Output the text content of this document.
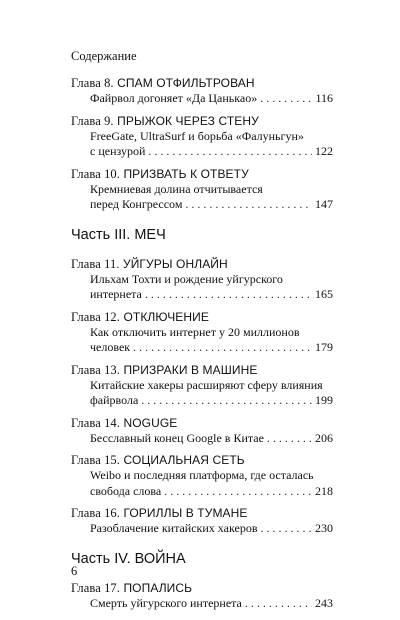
Содержание
Глава 8. СПАМ ОТФИЛЬТРОВАН
Файрвол догоняет «Да Цанькао» . . .	116
Глава 9. ПРЫЖОК ЧЕРЕЗ СТЕНУ
FreeGate, UltraSurf и борьба «Фалуньгун»
с цензурой . . .	122
Глава 10. ПРИЗВАТЬ К ОТВЕТУ
Кремниевая долина отчитывается
перед Конгрессом . . .	147
Часть III. МЕЧ
Глава 11. УЙГУРЫ ОНЛАЙН
Ильхам Тохти и рождение уйгурского
интернета . . .	165
Глава 12. ОТКЛЮЧЕНИЕ
Как отключить интернет у 20 миллионов
человек . . .	179
Глава 13. ПРИЗРАКИ В МАШИНЕ
Китайские хакеры расширяют сферу влияния
файрвола . . .	199
Глава 14. NOGUGE
Бесславный конец Google в Китае . . .	206
Глава 15. СОЦИАЛЬНАЯ СЕТЬ
Weibo и последняя платформа, где осталась
свобода слова . . .	218
Глава 16. ГОРИЛЛЫ В ТУМАНЕ
Разоблачение китайских хакеров . . .	230
Часть IV. ВОЙНА
Глава 17. ПОПАЛИСЬ
Смерть уйгурского интернета . . .	243
6
